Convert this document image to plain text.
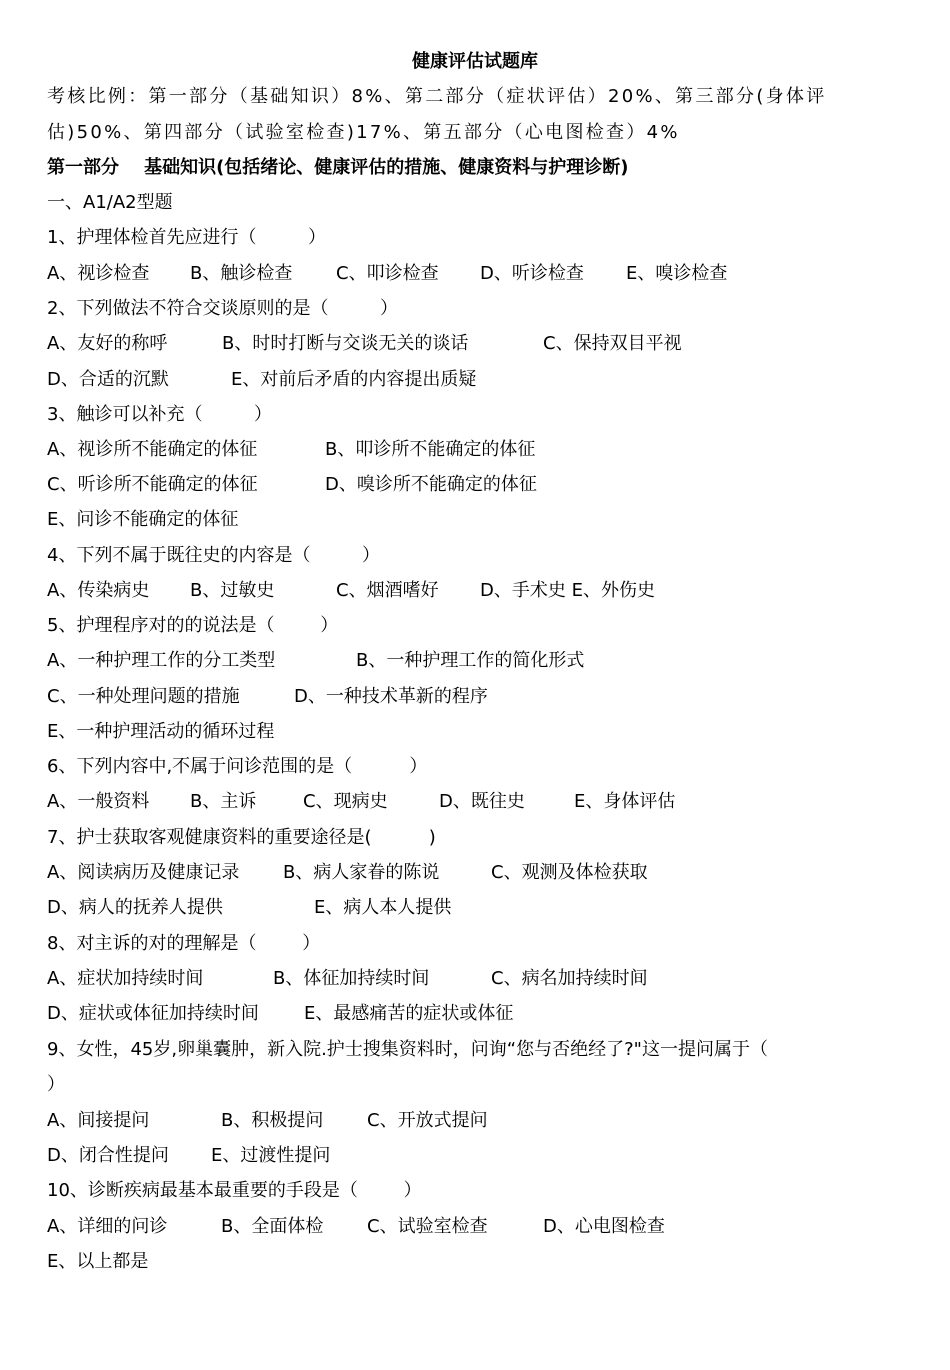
健康评估试题库
考核比例：第一部分（基础知识）8%、第二部分（症状评估）20%、第三部分(身体评
估)50%、第四部分（试验室检查)17%、第五部分（心电图检查）4%
第一部分    基础知识(包括绪论、健康评估的措施、健康资料与护理诊断)
一、A1/A2型题
1、护理体检首先应进行（         ）

A、视诊检查

B、触诊检查

C、叩诊检查

D、听诊检查

E、嗅诊检查

2、下列做法不符合交谈原则的是（         ）

A、友好的称呼

	B、时时打断与交谈无关的谈话

	C、保持双目平视

D、合适的沉默

	E、对前后矛盾的内容提出质疑

3、触诊可以补充（         ）

A、视诊所不能确定的体征

	B、叩诊所不能确定的体征

C、听诊所不能确定的体征

	D、嗅诊所不能确定的体征

E、问诊不能确定的体征
4、下列不属于既往史的内容是（         ）

A、传染病史

B、过敏史

	C、烟酒嗜好

D、手术史 E、外伤史

5、护理程序对的的说法是（        ）

A、一种护理工作的分工类型

	B、一种护理工作的简化形式

C、一种处理问题的措施

	D、一种技术革新的程序

E、一种护理活动的循环过程
6、下列内容中,不属于问诊范围的是（          ）

A、一般资料

B、主诉

	C、现病史

	D、既往史

	E、身体评估

7、护士获取客观健康资料的重要途径是(          )

A、阅读病历及健康记录

B、病人家眷的陈说

	C、观测及体检获取

D、病人的抚养人提供

	E、病人本人提供

8、对主诉的对的理解是（        ）

A、症状加持续时间

	B、体征加持续时间

	C、病名加持续时间

D、症状或体征加持续时间

	E、最感痛苦的症状或体征

9、女性，45岁,卵巢囊肿，新入院.护士搜集资料时，问询“您与否绝经了?"这一提问属于（
）

A、间接提问

	B、积极提问

C、开放式提问

D、闭合性提问

E、过渡性提问

10、诊断疾病最基本最重要的手段是（        ）

A、详细的问诊

	B、全面体检

C、试验室检查

	D、心电图检查

E、以上都是
